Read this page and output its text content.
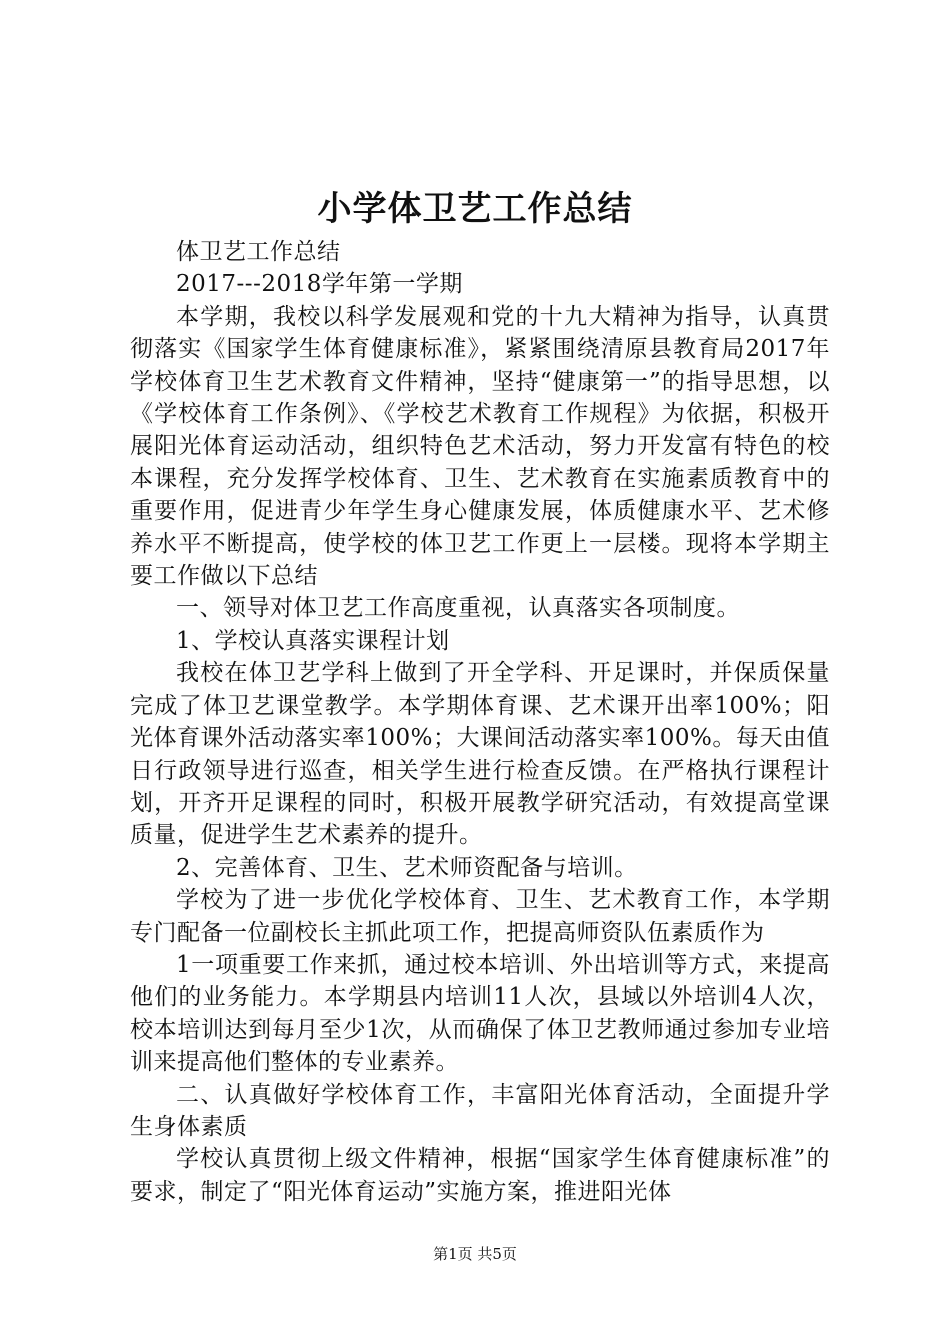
小学体卫艺工作总结

体卫艺工作总结

2017---2018学年第一学期

本学期，我校以科学发展观和党的十九大精神为指导，认真贯彻落实《国家学生体育健康标准》，紧紧围绕清原县教育局2017年学校体育卫生艺术教育文件精神，坚持“健康第一”的指导思想，以《学校体育工作条例》、《学校艺术教育工作规程》为依据，积极开展阳光体育运动活动，组织特色艺术活动，努力开发富有特色的校本课程，充分发挥学校体育、卫生、艺术教育在实施素质教育中的重要作用，促进青少年学生身心健康发展，体质健康水平、艺术修养水平不断提高，使学校的体卫艺工作更上一层楼。现将本学期主要工作做以下总结

一、领导对体卫艺工作高度重视，认真落实各项制度。

1、学校认真落实课程计划

我校在体卫艺学科上做到了开全学科、开足课时，并保质保量完成了体卫艺课堂教学。本学期体育课、艺术课开出率100%；阳光体育课外活动落实率100%；大课间活动落实率100%。每天由值日行政领导进行巡查，相关学生进行检查反馈。在严格执行课程计划，开齐开足课程的同时，积极开展教学研究活动，有效提高堂课质量，促进学生艺术素养的提升。

2、完善体育、卫生、艺术师资配备与培训。

学校为了进一步优化学校体育、卫生、艺术教育工作，本学期专门配备一位副校长主抓此项工作，把提高师资队伍素质作为

1一项重要工作来抓，通过校本培训、外出培训等方式，来提高他们的业务能力。本学期县内培训11人次，县域以外培训4人次，校本培训达到每月至少1次，从而确保了体卫艺教师通过参加专业培训来提高他们整体的专业素养。

二、认真做好学校体育工作，丰富阳光体育活动，全面提升学生身体素质

学校认真贯彻上级文件精神，根据“国家学生体育健康标准”的要求，制定了“阳光体育运动”实施方案，推进阳光体

第1页 共5页
